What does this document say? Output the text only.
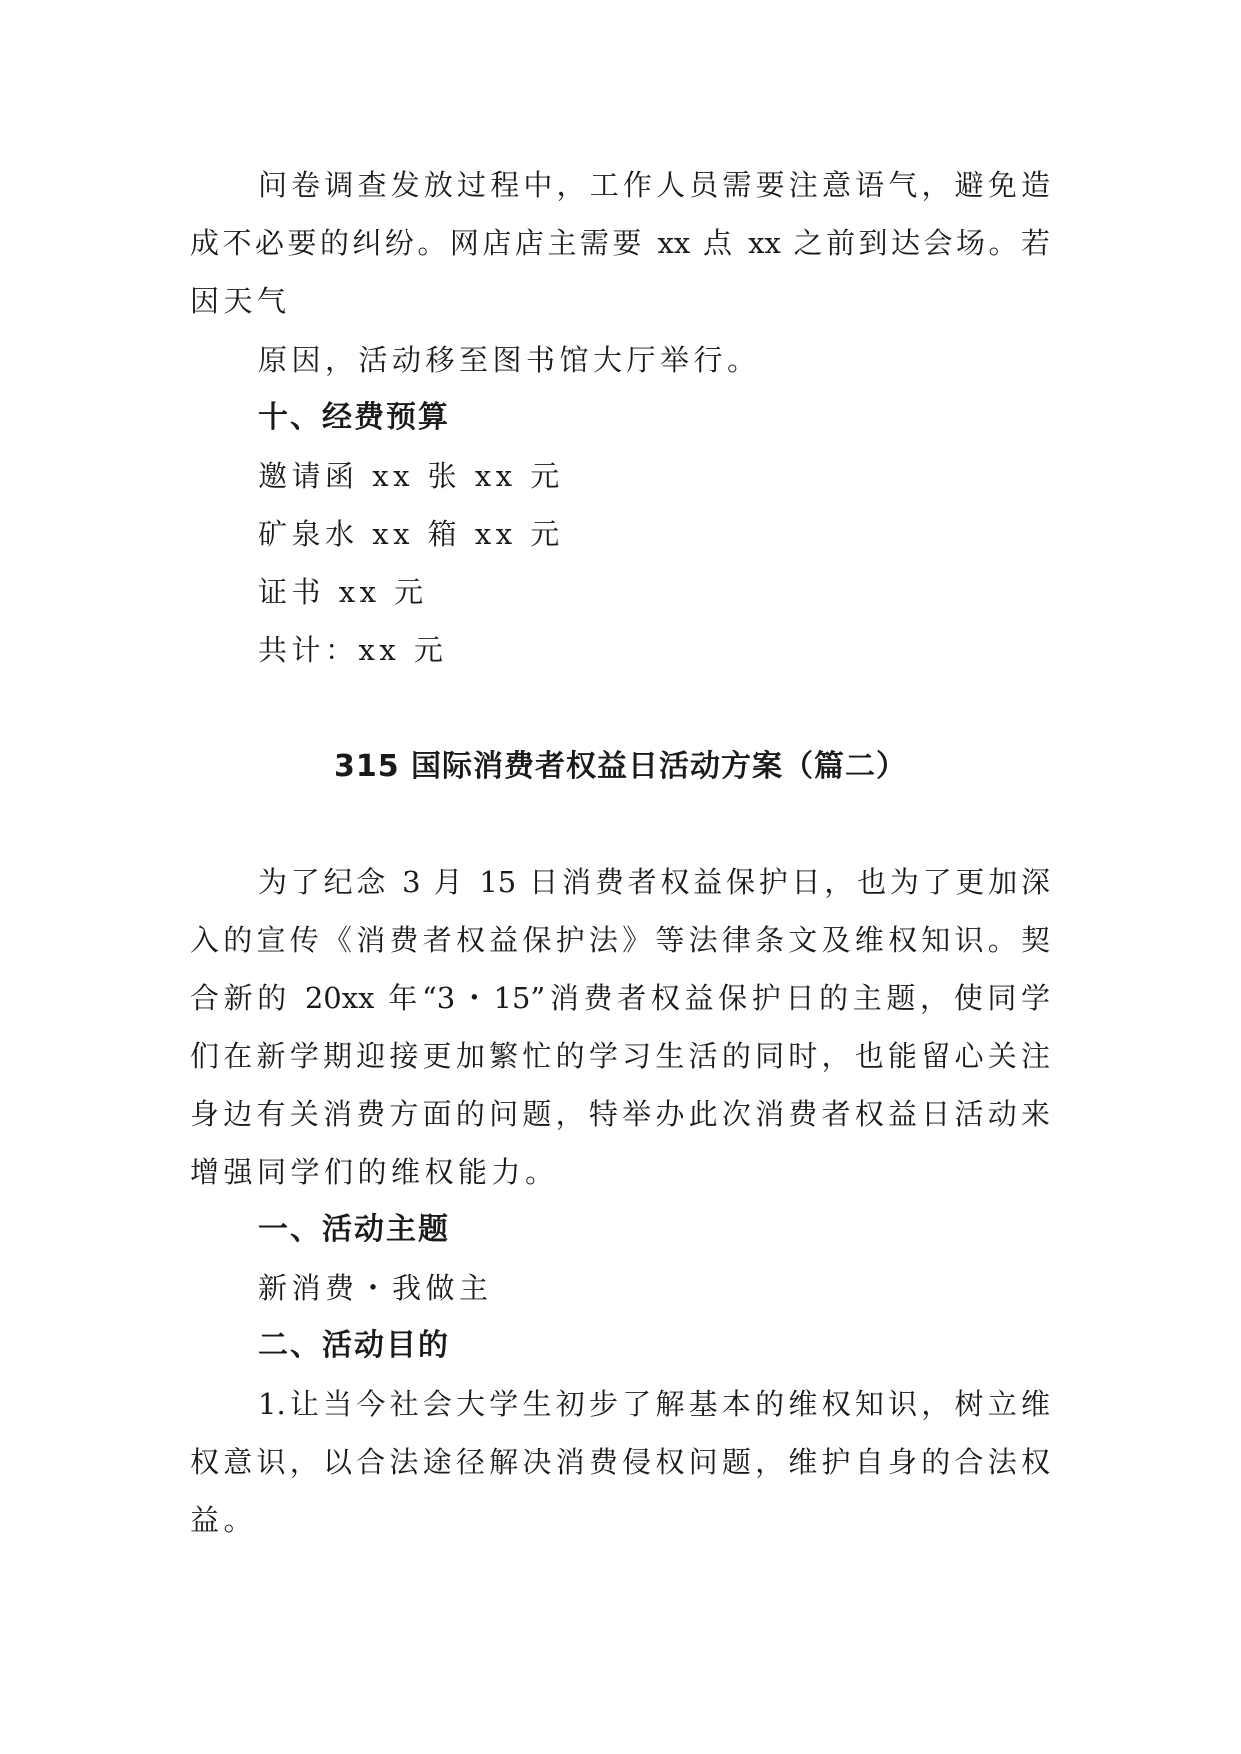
问卷调查发放过程中，工作人员需要注意语气，避免造
成不必要的纠纷。网店店主需要 xx 点 xx 之前到达会场。若
因天气
原因，活动移至图书馆大厅举行。
十、经费预算
邀请函 xx 张 xx 元
矿泉水 xx 箱 xx 元
证书 xx 元
共计：xx 元
315 国际消费者权益日活动方案（篇二）
为了纪念 3 月 15 日消费者权益保护日，也为了更加深
入的宣传《消费者权益保护法》等法律条文及维权知识。契
合新的 20xx 年“3・15”消费者权益保护日的主题，使同学
们在新学期迎接更加繁忙的学习生活的同时，也能留心关注
身边有关消费方面的问题，特举办此次消费者权益日活动来
增强同学们的维权能力。
一、活动主题
新消费・我做主
二、活动目的
1.让当今社会大学生初步了解基本的维权知识，树立维
权意识，以合法途径解决消费侵权问题，维护自身的合法权
益。
